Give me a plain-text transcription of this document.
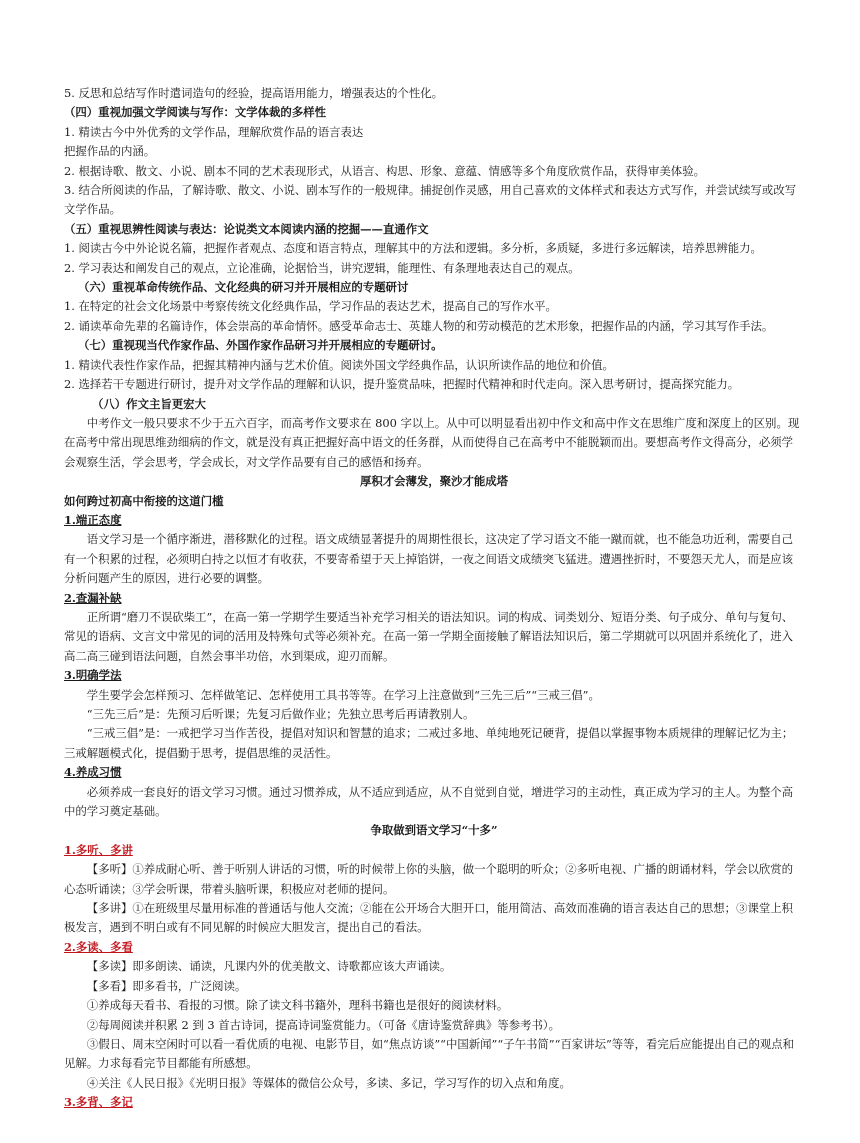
5. 反思和总结写作时遣词造句的经验，提高语用能力，增强表达的个性化。

（四）重视加强文学阅读与写作：文学体裁的多样性

1. 精读古今中外优秀的文学作品，理解欣赏作品的语言表达

把握作品的内涵。

2. 根据诗歌、散文、小说、剧本不同的艺术表现形式，从语言、构思、形象、意蕴、情感等多个角度欣赏作品，获得审美体验。

3. 结合所阅读的作品，了解诗歌、散文、小说、剧本写作的一般规律。捕捉创作灵感，用自己喜欢的文体样式和表达方式写作，并尝试续写或改写文学作品。

（五）重视思辨性阅读与表达：论说类文本阅读内涵的挖掘——直通作文

1. 阅读古今中外论说名篇，把握作者观点、态度和语言特点，理解其中的方法和逻辑。多分析，多质疑，多进行多远解读，培养思辨能力。

2. 学习表达和阐发自己的观点，立论准确，论据恰当，讲究逻辑，能理性、有条理地表达自己的观点。

（六）重视革命传统作品、文化经典的研习并开展相应的专题研讨

1. 在特定的社会文化场景中考察传统文化经典作品，学习作品的表达艺术，提高自己的写作水平。

2. 诵读革命先辈的名篇诗作，体会崇高的革命情怀。感受革命志士、英雄人物的和劳动模范的艺术形象，把握作品的内涵，学习其写作手法。

（七）重视现当代作家作品、外国作家作品研习并开展相应的专题研讨。

1. 精读代表性作家作品，把握其精神内涵与艺术价值。阅读外国文学经典作品，认识所读作品的地位和价值。

2. 选择若干专题进行研讨，提升对文学作品的理解和认识，提升鉴赏品味，把握时代精神和时代走向。深入思考研讨，提高探究能力。

（八）作文主旨更宏大

中考作文一般只要求不少于五六百字，而高考作文要求在 800 字以上。从中可以明显看出初中作文和高中作文在思维广度和深度上的区别。现在高考中常出现思维劲细病的作文，就是没有真正把握好高中语文的任务群，从而使得自己在高考中不能脱颖而出。要想高考作文得高分，必须学会观察生活，学会思考，学会成长，对文学作品要有自己的感悟和扬弃。

厚积才会薄发，聚沙才能成塔

如何跨过初高中衔接的这道门槛

1.端正态度

语文学习是一个循序渐进，潜移默化的过程。语文成绩显著提升的周期性很长，这决定了学习语文不能一蹴而就，也不能急功近利，需要自己有一个积累的过程，必须明白持之以恒才有收获，不要寄希望于天上掉馅饼，一夜之间语文成绩突飞猛进。遭遇挫折时，不要怨天尤人，而是应该分析问题产生的原因，进行必要的调整。

2.查漏补缺

正所谓“磨刀不误砍柴工”，在高一第一学期学生要适当补充学习相关的语法知识。词的构成、词类划分、短语分类、句子成分、单句与复句、常见的语病、文言文中常见的词的活用及特殊句式等必须补充。在高一第一学期全面接触了解语法知识后，第二学期就可以巩固并系统化了，进入高二高三碰到语法问题，自然会事半功倍，水到渠成，迎刃而解。

3.明确学法

学生要学会怎样预习、怎样做笔记、怎样使用工具书等等。在学习上注意做到“三先三后”“三戒三倡”。

“三先三后”是：先预习后听课；先复习后做作业；先独立思考后再请教别人。

“三戒三倡”是：一戒把学习当作苦役，提倡对知识和智慧的追求；二戒过多地、单纯地死记硬背，提倡以掌握事物本质规律的理解记忆为主；三戒解题模式化，提倡勤于思考，提倡思维的灵活性。

4.养成习惯

必须养成一套良好的语文学习习惯。通过习惯养成，从不适应到适应，从不自觉到自觉，增进学习的主动性，真正成为学习的主人。为整个高中的学习奠定基础。

争取做到语文学习“十多”

1.多听、多讲

【多听】①养成耐心听、善于听别人讲话的习惯，听的时候带上你的头脑，做一个聪明的听众；②多听电视、广播的朗诵材料，学会以欣赏的心态听诵读；③学会听课，带着头脑听课，积极应对老师的提问。

【多讲】①在班级里尽量用标准的普通话与他人交流；②能在公开场合大胆开口，能用简洁、高效而准确的语言表达自己的思想；③课堂上积极发言，遇到不明白或有不同见解的时候应大胆发言，提出自己的看法。

2.多读、多看

【多读】即多朗读、诵读，凡课内外的优美散文、诗歌都应该大声诵读。

【多看】即多看书，广泛阅读。

①养成每天看书、看报的习惯。除了读文科书籍外，理科书籍也是很好的阅读材料。

②每周阅读并积累 2 到 3 首古诗词，提高诗词鉴赏能力。（可备《唐诗鉴赏辞典》等参考书）。

③假日、周末空闲时可以看一看优质的电视、电影节目，如“焦点访谈”“中国新闻”“子午书简”“百家讲坛”等等，看完后应能提出自己的观点和见解。力求每看完节目都能有所感想。

④关注《人民日报》《光明日报》等媒体的微信公众号，多读、多记，学习写作的切入点和角度。

3.多背、多记
